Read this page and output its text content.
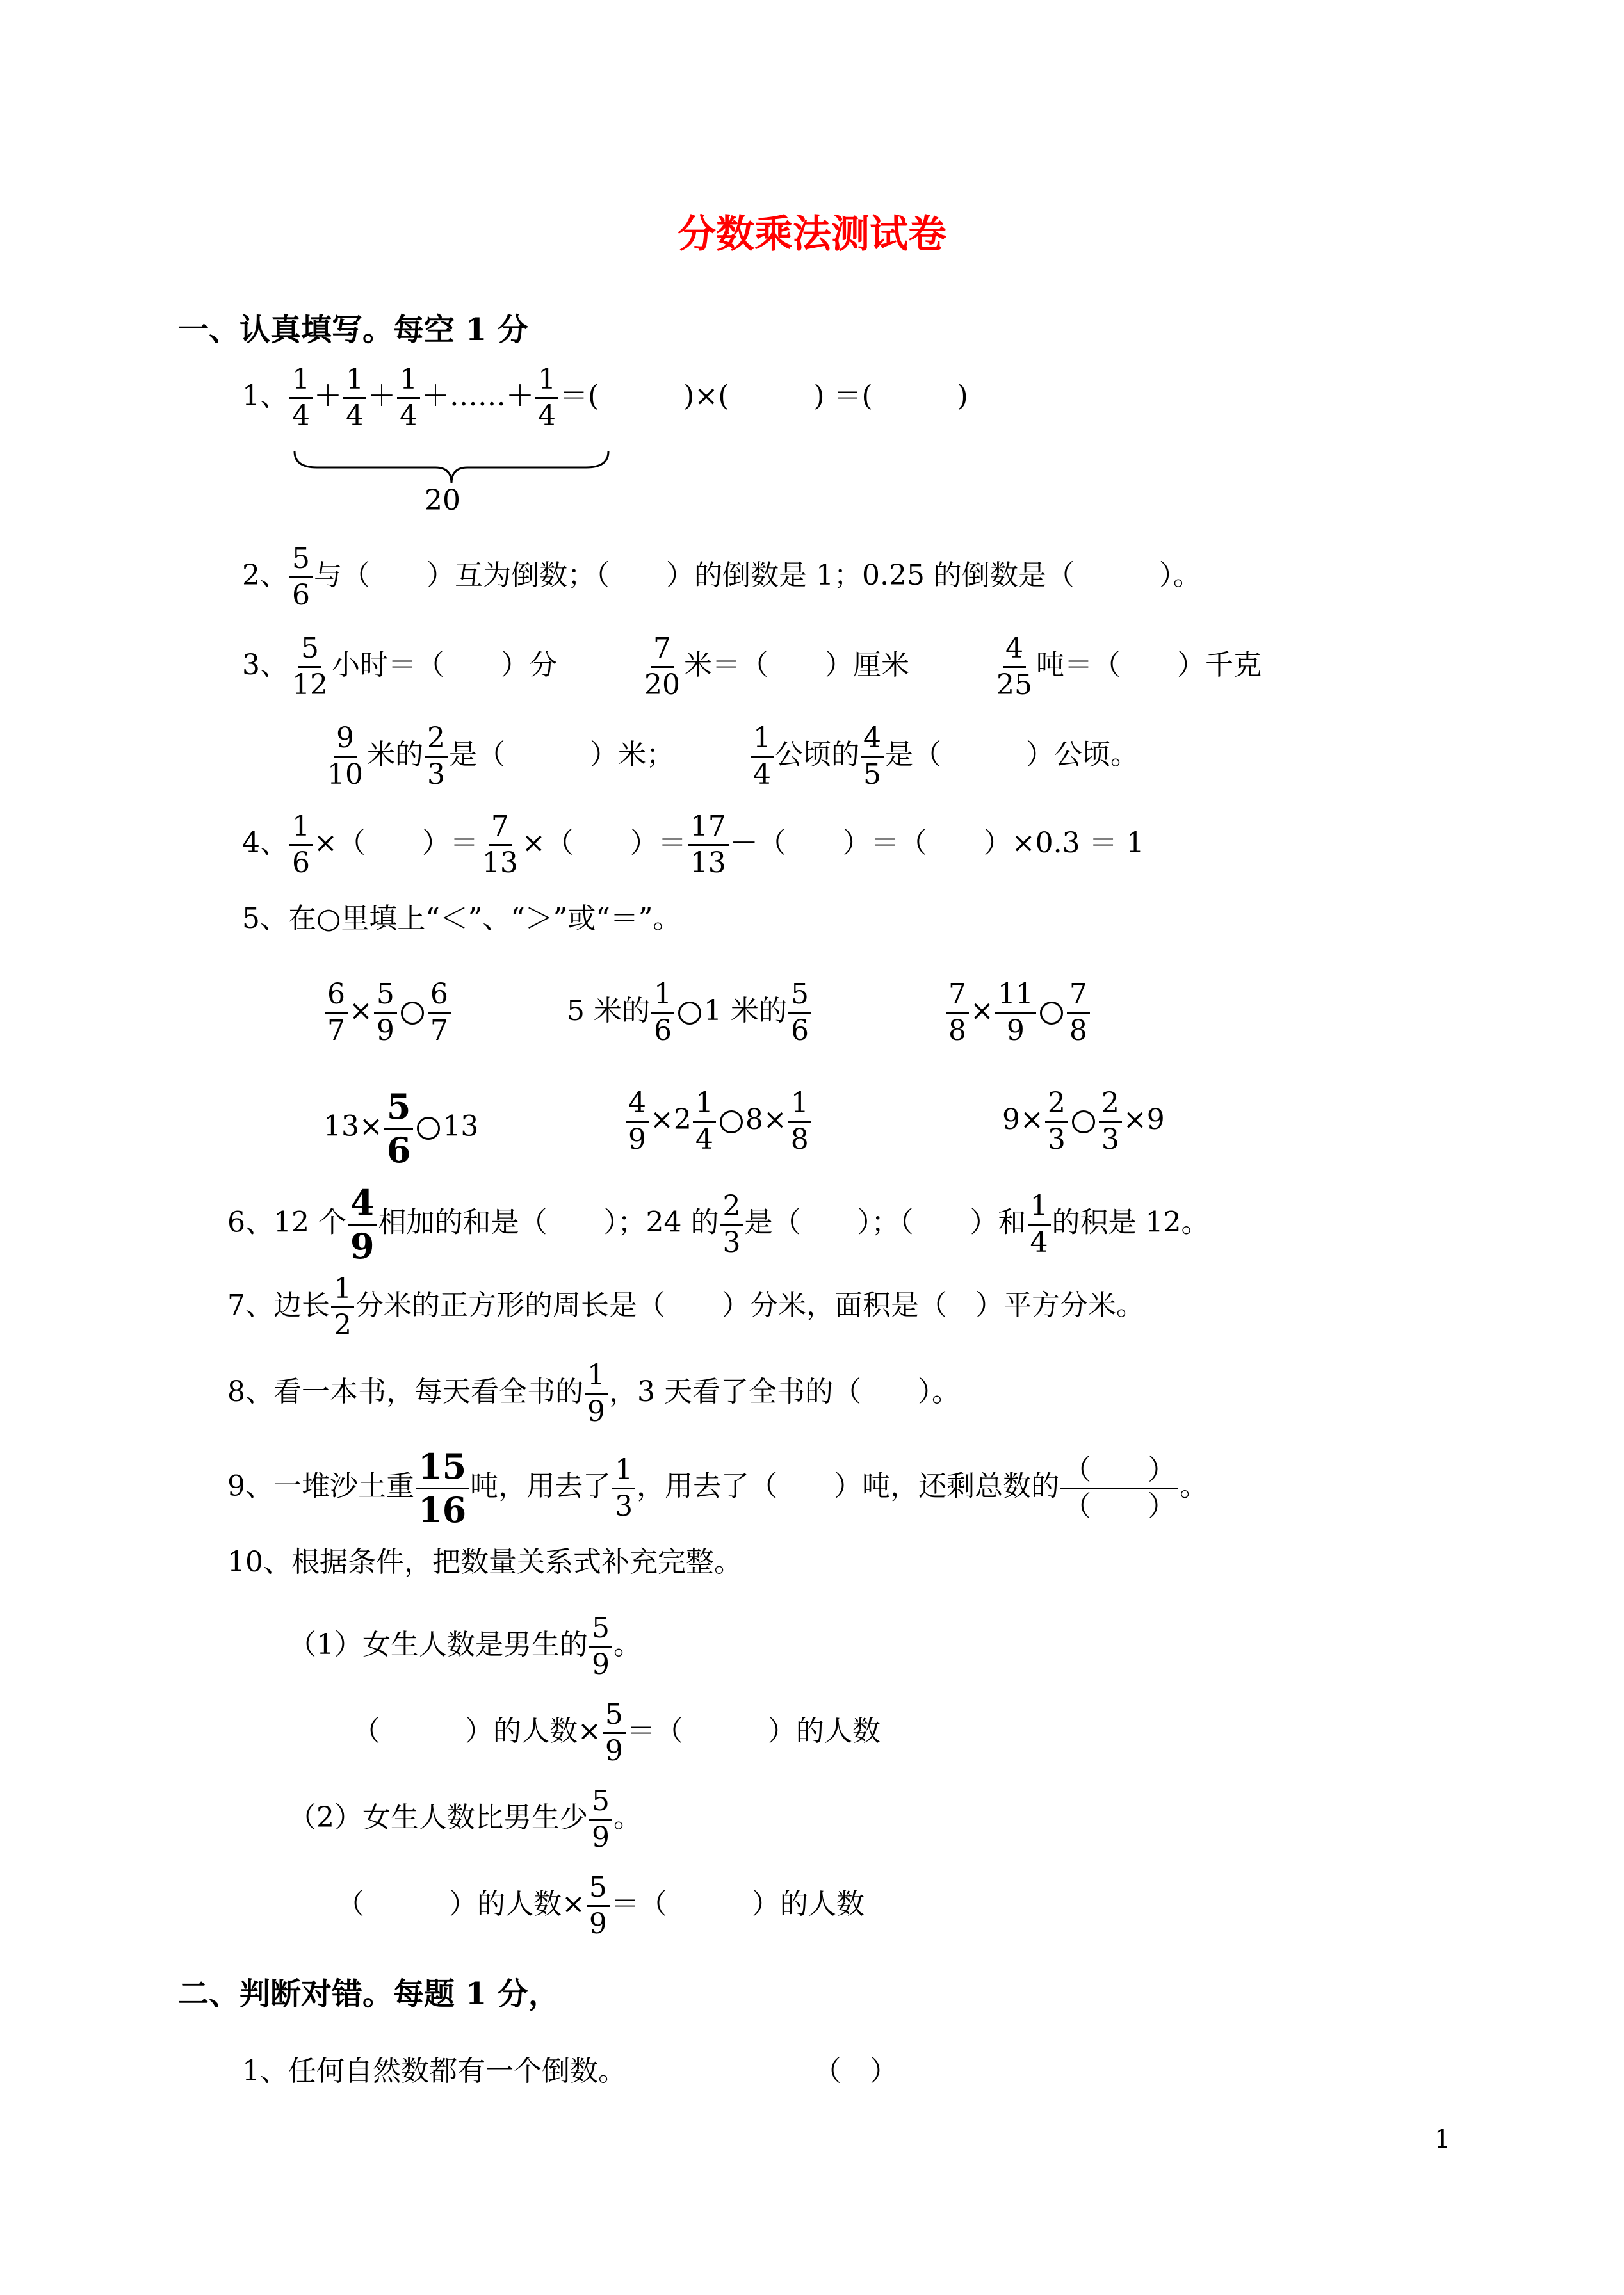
分数乘法测试卷
一、认真填写。每空 1 分
1、 $\frac{1}{4} + \frac{1}{4} + \frac{1}{4}$ ＋……＋ $\frac{1}{4}$ ＝(　　　)×(　　　) ＝(　　　)
20
2、 $\frac{5}{6}$ 与（　　）互为倒数；（　　）的倒数是 1；0.25 的倒数是（　　　）。
3、 $\frac{5}{12}$ 小时＝（　　）分	$\frac{7}{20}$ 米＝（　　）厘米	$\frac{4}{25}$ 吨＝（　　）千克
$\frac{9}{10}$ 米的 $\frac{2}{3}$ 是（　　　）米；	$\frac{1}{4}$ 公顷的 $\frac{4}{5}$ 是（　　　）公顷。
4、 $\frac{1}{6}$ ×（　　）＝ $\frac{7}{13}$ ×（　　）＝ $\frac{17}{13}$ －（　　）＝（　　）×0.3 ＝ 1
5、在○里填上“＜”、“＞”或“＝”。
$\frac{6}{7} \times \frac{5}{9} \frac{6}{7}$	5 米的 $\frac{1}{6} 1$ 米的 $\frac{5}{6}$	$\frac{7}{8} \times \frac{11}{9} \frac{7}{8}$
$13\times \frac{5}{6} 13$	$\frac{4}{9} \times 2 \frac{1}{4} 8\times \frac{1}{8}$	$9\times \frac{2}{3} \frac{2}{3} \times 9$
6、12 个 $\frac{4}{9}$ 相加的和是（　　）；24 的 $\frac{2}{3}$ 是（　　）；（　　）和 $\frac{1}{4}$ 的积是 12。
7、边长 $\frac{1}{2}$ 分米的正方形的周长是（　　）分米，面积是（　）平方分米。
8、看一本书，每天看全书的 $\frac{1}{9}$ ，3 天看了全书的（　　）。
9、一堆沙土重 $\frac{15}{16}$ 吨，用去了 $\frac{1}{3}$ ，用去了（　　）吨，还剩总数的 $\frac{( )}{( )}$ 。
10、根据条件，把数量关系式补充完整。
（1）女生人数是男生的 $\frac{5}{9}$ 。
（　　　）的人数× $\frac{5}{9}$ ＝（　　　）的人数
（2）女生人数比男生少 $\frac{5}{9}$ 。
（　　　）的人数× $\frac{5}{9}$ ＝（　　　）的人数
二、判断对错。每题 1 分，
1、任何自然数都有一个倒数。	（　）
1
